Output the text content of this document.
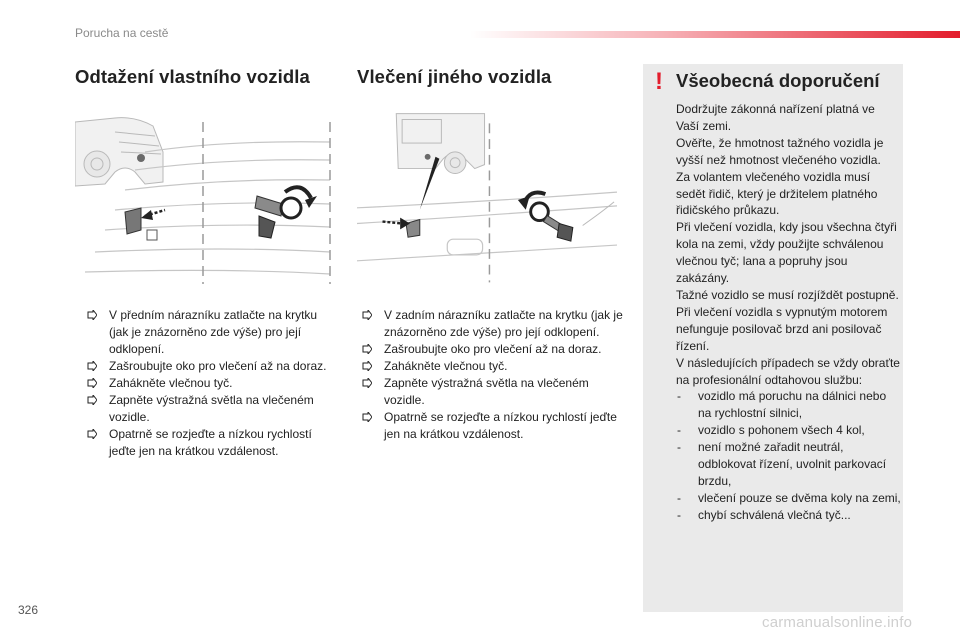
Porucha na cestě
Odtažení vlastního vozidla
V předním nárazníku zatlačte na krytku (jak je znázorněno zde výše) pro její odklopení.
Zašroubujte oko pro vlečení až na doraz.
Zahákněte vlečnou tyč.
Zapněte výstražná světla na vlečeném vozidle.
Opatrně se rozjeďte a nízkou rychlostí jeďte jen na krátkou vzdálenost.
Vlečení jiného vozidla
V zadním nárazníku zatlačte na krytku (jak je znázorněno zde výše) pro její odklopení.
Zašroubujte oko pro vlečení až na doraz.
Zahákněte vlečnou tyč.
Zapněte výstražná světla na vlečeném vozidle.
Opatrně se rozjeďte a nízkou rychlostí jeďte jen na krátkou vzdálenost.
! Všeobecná doporučení

Dodržujte zákonná nařízení platná ve Vaší zemi.

Ověřte, že hmotnost tažného vozidla je vyšší než hmotnost vlečeného vozidla.

Za volantem vlečeného vozidla musí sedět řidič, který je držitelem platného řidičského průkazu.

Při vlečení vozidla, kdy jsou všechna čtyři kola na zemi, vždy použijte schválenou vlečnou tyč; lana a popruhy jsou zakázány.

Tažné vozidlo se musí rozjíždět postupně.

Při vlečení vozidla s vypnutým motorem nefunguje posilovač brzd ani posilovač řízení.

V následujících případech se vždy obraťte na profesionální odtahovou službu:

- vozidlo má poruchu na dálnici nebo na rychlostní silnici,
- vozidlo s pohonem všech 4 kol,
- není možné zařadit neutrál, odblokovat řízení, uvolnit parkovací brzdu,
- vlečení pouze se dvěma koly na zemi,
- chybí schválená vlečná tyč...
326
carmanualsonline.info
